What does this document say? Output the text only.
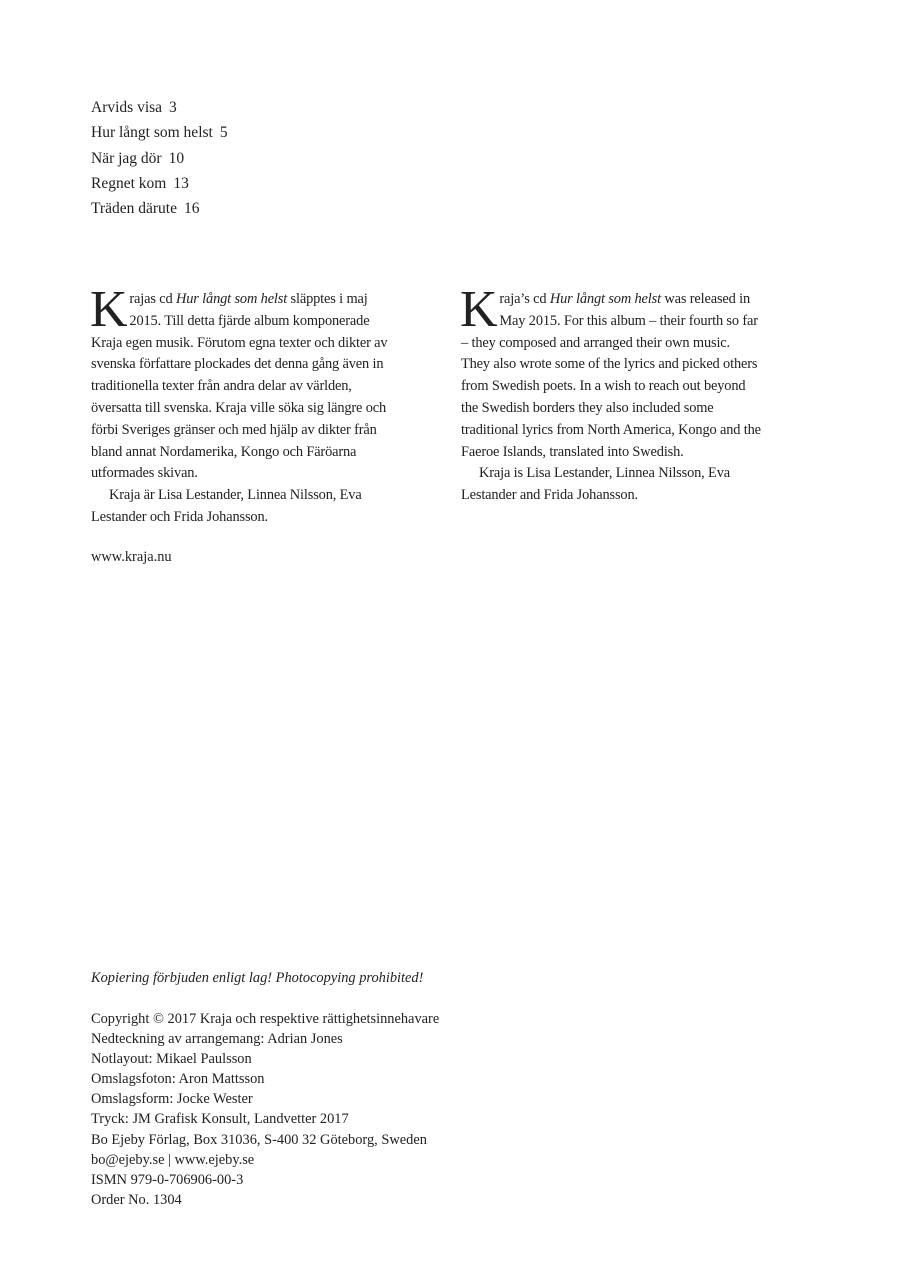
Arvids visa 3
Hur långt som helst 5
När jag dör 10
Regnet kom 13
Träden därute 16

Krajas cd Hur långt som helst släpptes i maj 2015. Till detta fjärde album komponerade Kraja egen musik. Förutom egna texter och dikter av svenska författare plockades det denna gång även in traditionella texter från andra delar av världen, översatta till svenska. Kraja ville söka sig längre och förbi Sveriges gränser och med hjälp av dikter från bland annat Nordamerika, Kongo och Färöarna utformades skivan.

Kraja är Lisa Lestander, Linnea Nilsson, Eva Lestander och Frida Johansson.

Kraja’s cd Hur långt som helst was released in May 2015. For this album – their fourth so far – they composed and arranged their own music. They also wrote some of the lyrics and picked others from Swedish poets. In a wish to reach out beyond the Swedish borders they also included some traditional lyrics from North America, Kongo and the Faeroe Islands, translated into Swedish.

Kraja is Lisa Lestander, Linnea Nilsson, Eva Lestander and Frida Johansson.

www.kraja.nu
Kopiering förbjuden enligt lag! Photocopying prohibited!
Copyright © 2017 Kraja och respektive rättighetsinnehavare
Nedteckning av arrangemang: Adrian Jones
Notlayout: Mikael Paulsson
Omslagsfoton: Aron Mattsson
Omslagsform: Jocke Wester
Tryck: JM Grafisk Konsult, Landvetter 2017
Bo Ejeby Förlag, Box 31036, S-400 32 Göteborg, Sweden
bo@ejeby.se | www.ejeby.se
ISMN 979-0-706906-00-3
Order No. 1304
